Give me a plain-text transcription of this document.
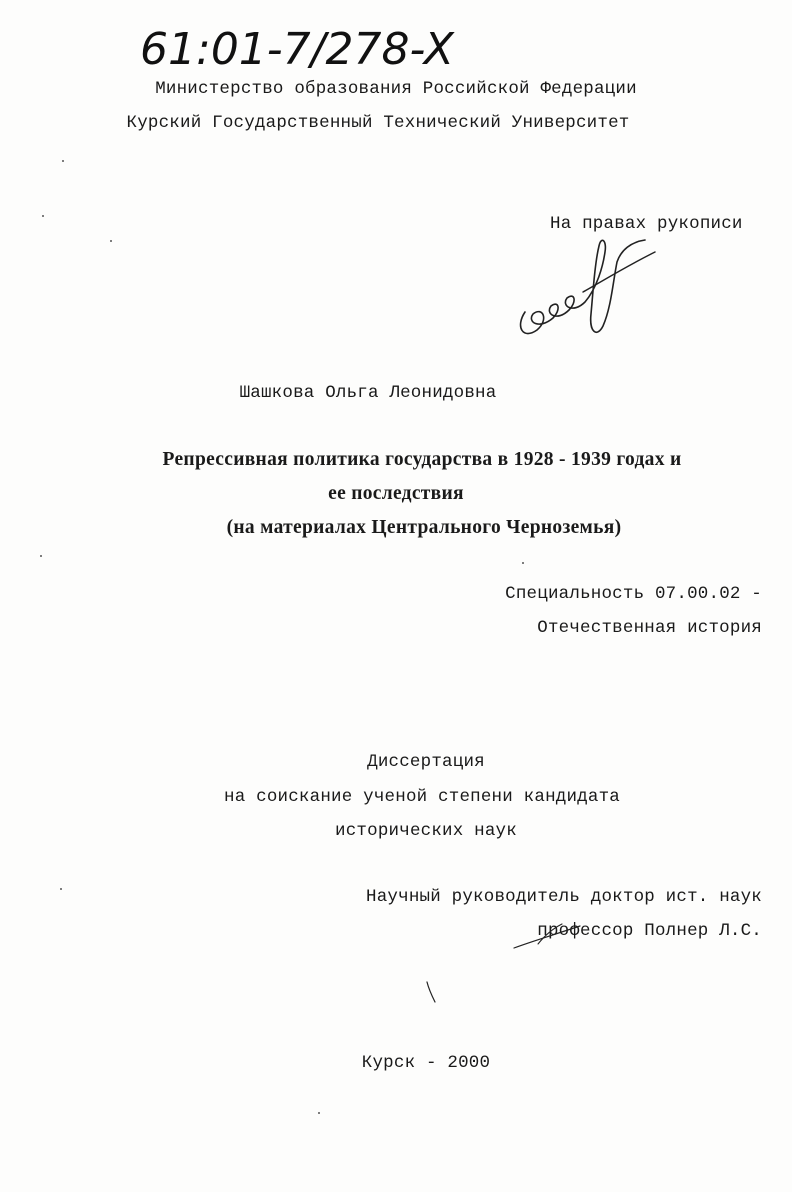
61:01-7/278-X
Министерство образования Российской Федерации
Курский Государственный Технический Университет
На правах рукописи
Шашкова Ольга Леонидовна
Репрессивная политика государства в 1928 - 1939 годах и
ее последствия
(на материалах Центрального Черноземья)
Специальность 07.00.02 -
Отечественная история
Диссертация
на соискание ученой степени кандидата
исторических наук
Научный руководитель доктор ист. наук
профессор Полнер Л.С.
Курск - 2000
